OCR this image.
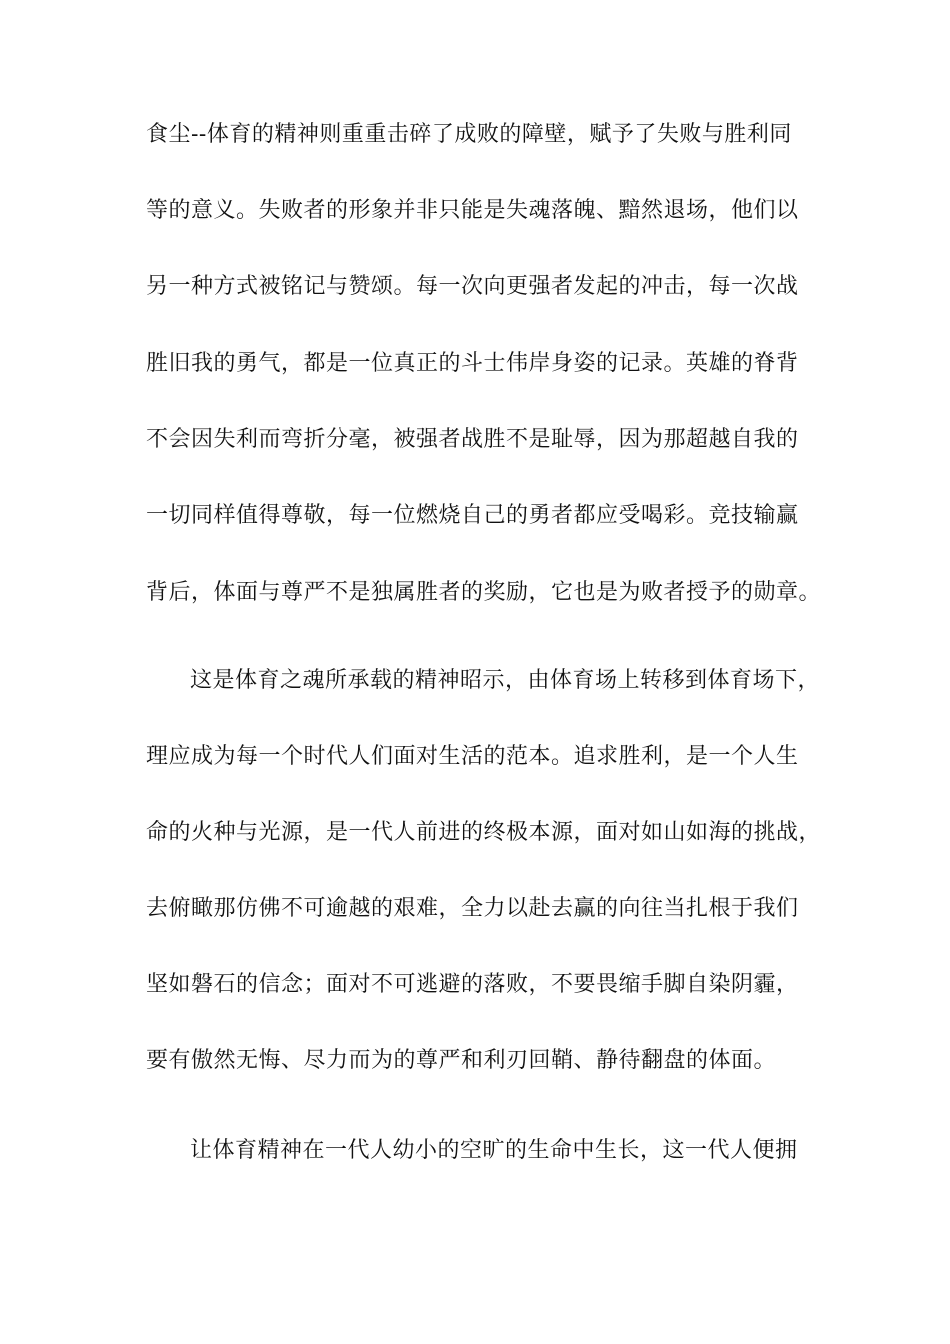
食尘--体育的精神则重重击碎了成败的障壁，赋予了失败与胜利同
等的意义。失败者的形象并非只能是失魂落魄、黯然退场，他们以
另一种方式被铭记与赞颂。每一次向更强者发起的冲击，每一次战
胜旧我的勇气，都是一位真正的斗士伟岸身姿的记录。英雄的脊背
不会因失利而弯折分毫，被强者战胜不是耻辱，因为那超越自我的
一切同样值得尊敬，每一位燃烧自己的勇者都应受喝彩。竞技输赢
背后，体面与尊严不是独属胜者的奖励，它也是为败者授予的勋章。
这是体育之魂所承载的精神昭示，由体育场上转移到体育场下，
理应成为每一个时代人们面对生活的范本。追求胜利，是一个人生
命的火种与光源，是一代人前进的终极本源，面对如山如海的挑战，
去俯瞰那仿佛不可逾越的艰难，全力以赴去赢的向往当扎根于我们
坚如磐石的信念；面对不可逃避的落败，不要畏缩手脚自染阴霾，
要有傲然无悔、尽力而为的尊严和利刃回鞘、静待翻盘的体面。
让体育精神在一代人幼小的空旷的生命中生长，这一代人便拥
